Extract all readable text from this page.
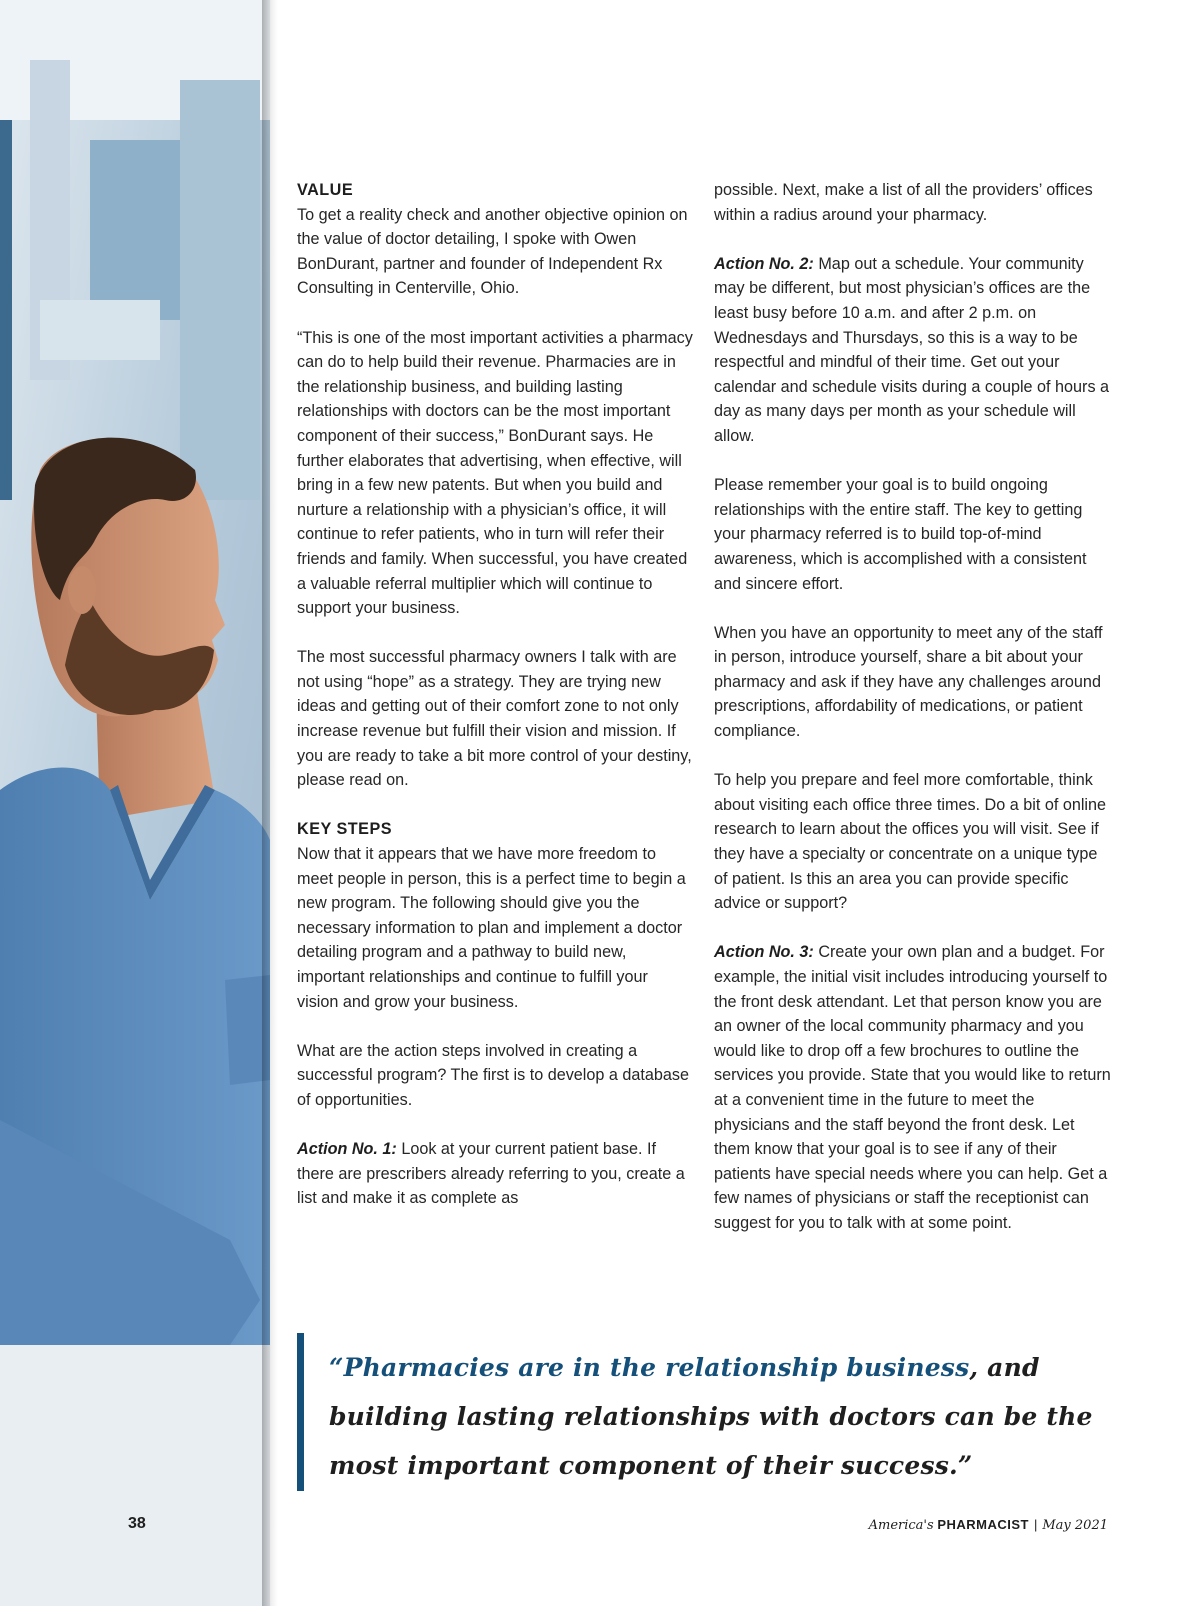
VALUE

To get a reality check and another objective opinion on the value of doctor detailing, I spoke with Owen BonDurant, partner and founder of Independent Rx Consulting in Centerville, Ohio.

“This is one of the most important activities a pharmacy can do to help build their revenue. Pharmacies are in the relationship business, and building lasting relationships with doctors can be the most important component of their success,” BonDurant says. He further elaborates that advertising, when effective, will bring in a few new patents. But when you build and nurture a relationship with a physician’s office, it will continue to refer patients, who in turn will refer their friends and family. When successful, you have created a valuable referral multiplier which will continue to support your business.

The most successful pharmacy owners I talk with are not using “hope” as a strategy. They are trying new ideas and getting out of their comfort zone to not only increase revenue but fulfill their vision and mission. If you are ready to take a bit more control of your destiny, please read on.

KEY STEPS

Now that it appears that we have more freedom to meet people in person, this is a perfect time to begin a new program. The following should give you the necessary information to plan and implement a doctor detailing program and a pathway to build new, important relationships and continue to fulfill your vision and grow your business.

What are the action steps involved in creating a successful program? The first is to develop a database of opportunities.

Action No. 1: Look at your current patient base. If there are prescribers already referring to you, create a list and make it as complete as

possible. Next, make a list of all the providers’ offices within a radius around your pharmacy.

Action No. 2: Map out a schedule. Your community may be different, but most physician’s offices are the least busy before 10 a.m. and after 2 p.m. on Wednesdays and Thursdays, so this is a way to be respectful and mindful of their time. Get out your calendar and schedule visits during a couple of hours a day as many days per month as your schedule will allow.

Please remember your goal is to build ongoing relationships with the entire staff. The key to getting your pharmacy referred is to build top-of-mind awareness, which is accomplished with a consistent and sincere effort.

When you have an opportunity to meet any of the staff in person, introduce yourself, share a bit about your pharmacy and ask if they have any challenges around prescriptions, affordability of medications, or patient compliance.

To help you prepare and feel more comfortable, think about visiting each office three times. Do a bit of online research to learn about the offices you will visit. See if they have a specialty or concentrate on a unique type of patient. Is this an area you can provide specific advice or support?

Action No. 3: Create your own plan and a budget. For example, the initial visit includes introducing yourself to the front desk attendant. Let that person know you are an owner of the local community pharmacy and you would like to drop off a few brochures to outline the services you provide. State that you would like to return at a convenient time in the future to meet the physicians and the staff beyond the front desk. Let them know that your goal is to see if any of their patients have special needs where you can help. Get a few names of physicians or staff the receptionist can suggest for you to talk with at some point.

“Pharmacies are in the relationship business, and building lasting relationships with doctors can be the most important component of their success.”

38	America's PHARMACIST | May 2021
